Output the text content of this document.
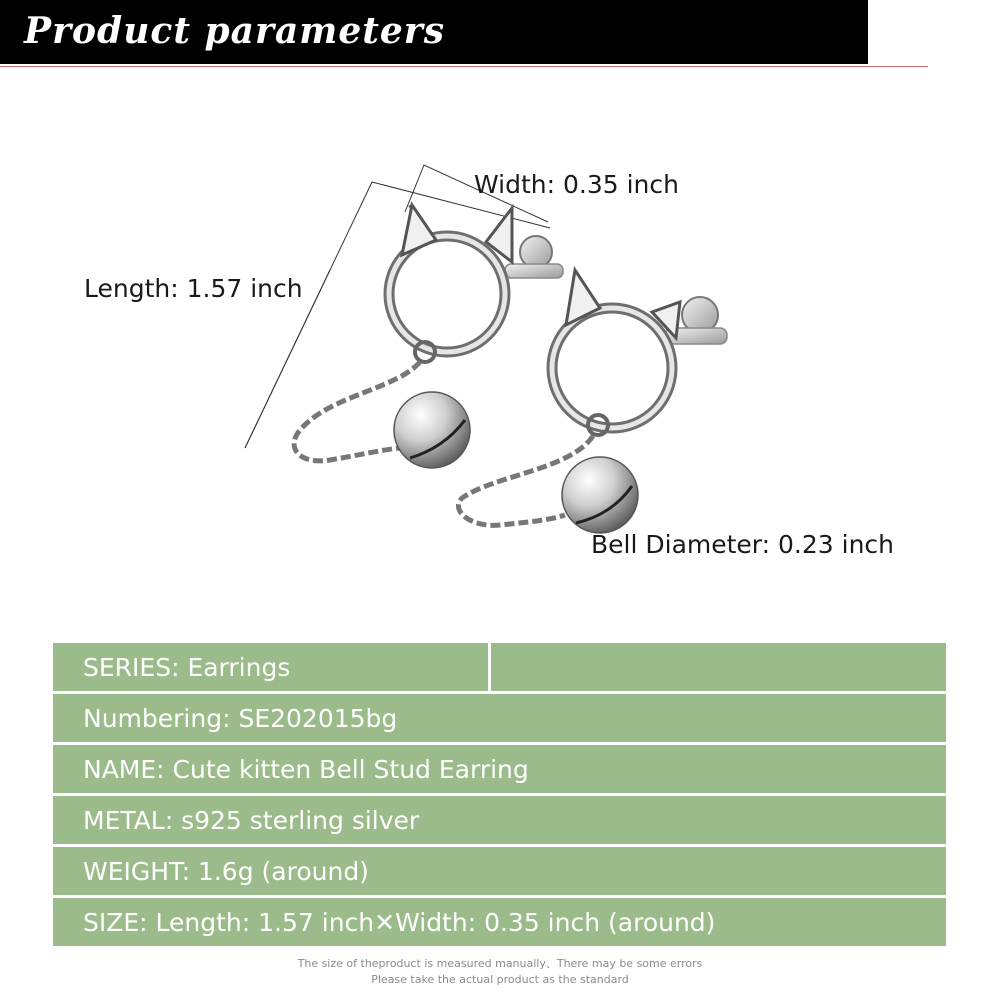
Product parameters
Width: 0.35 inch
Length: 1.57 inch
Bell Diameter: 0.23 inch
SERIES: Earrings
Numbering: SE202015bg
NAME: Cute kitten Bell Stud Earring
METAL: s925 sterling silver
WEIGHT: 1.6g (around)
SIZE: Length: 1.57 inch✕Width: 0.35 inch (around)
The size of theproduct is measured manually、There may be some errors
Please take the actual product as the standard
